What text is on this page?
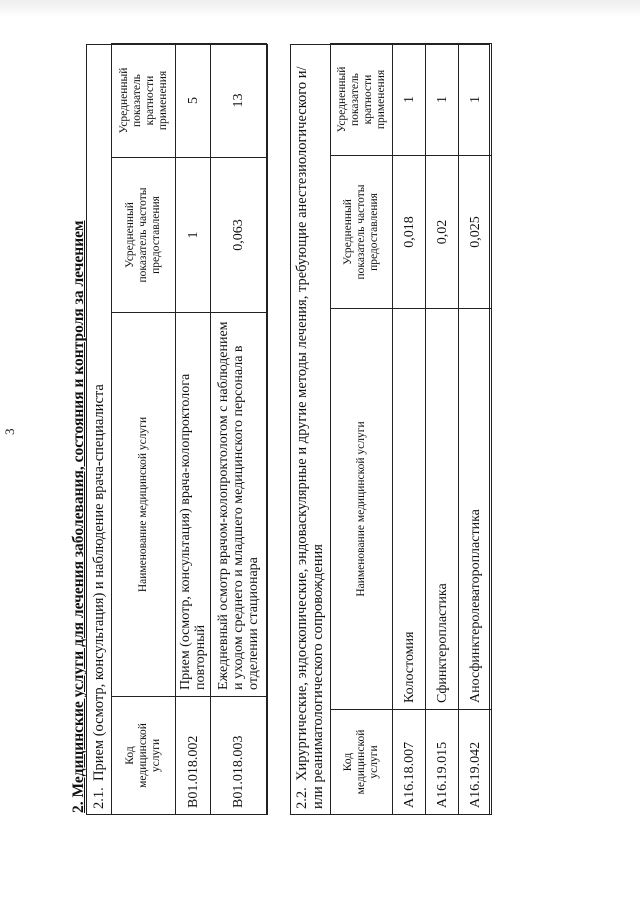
3	2. Медицинские услуги для лечения заболевания, состояния и контроля за лечением 2.1.Прием (осмотр, консультация) и наблюдение врача-специалиста Код медицинской услуги	Наименование медицинской услуги	Усредненный показатель частоты предоставления	Усредненный показатель кратности применения
B01.018.002	Прием (осмотр, консультация) врача-колопроктолога повторный	1	5
B01.018.003	Ежедневный осмотр врачом-колопроктологом с наблюдением и уходом среднего и младшего медицинского персонала в отделении стационара	0,063	13
2.2.Хирургические, эндоскопические, эндоваскулярные и другие методы лечения, требующие анестезиологического и/или реаниматологического сопровождения Код медицинской услуги	Наименование медицинской услуги	Усредненный показатель частоты предоставления	Усредненный показатель кратности применения
A16.18.007	Колостомия	0,018	1
A16.19.015	Сфинктеропластика	0,02	1
A16.19.042	Аносфинктеролеваторопластика	0,025	1
